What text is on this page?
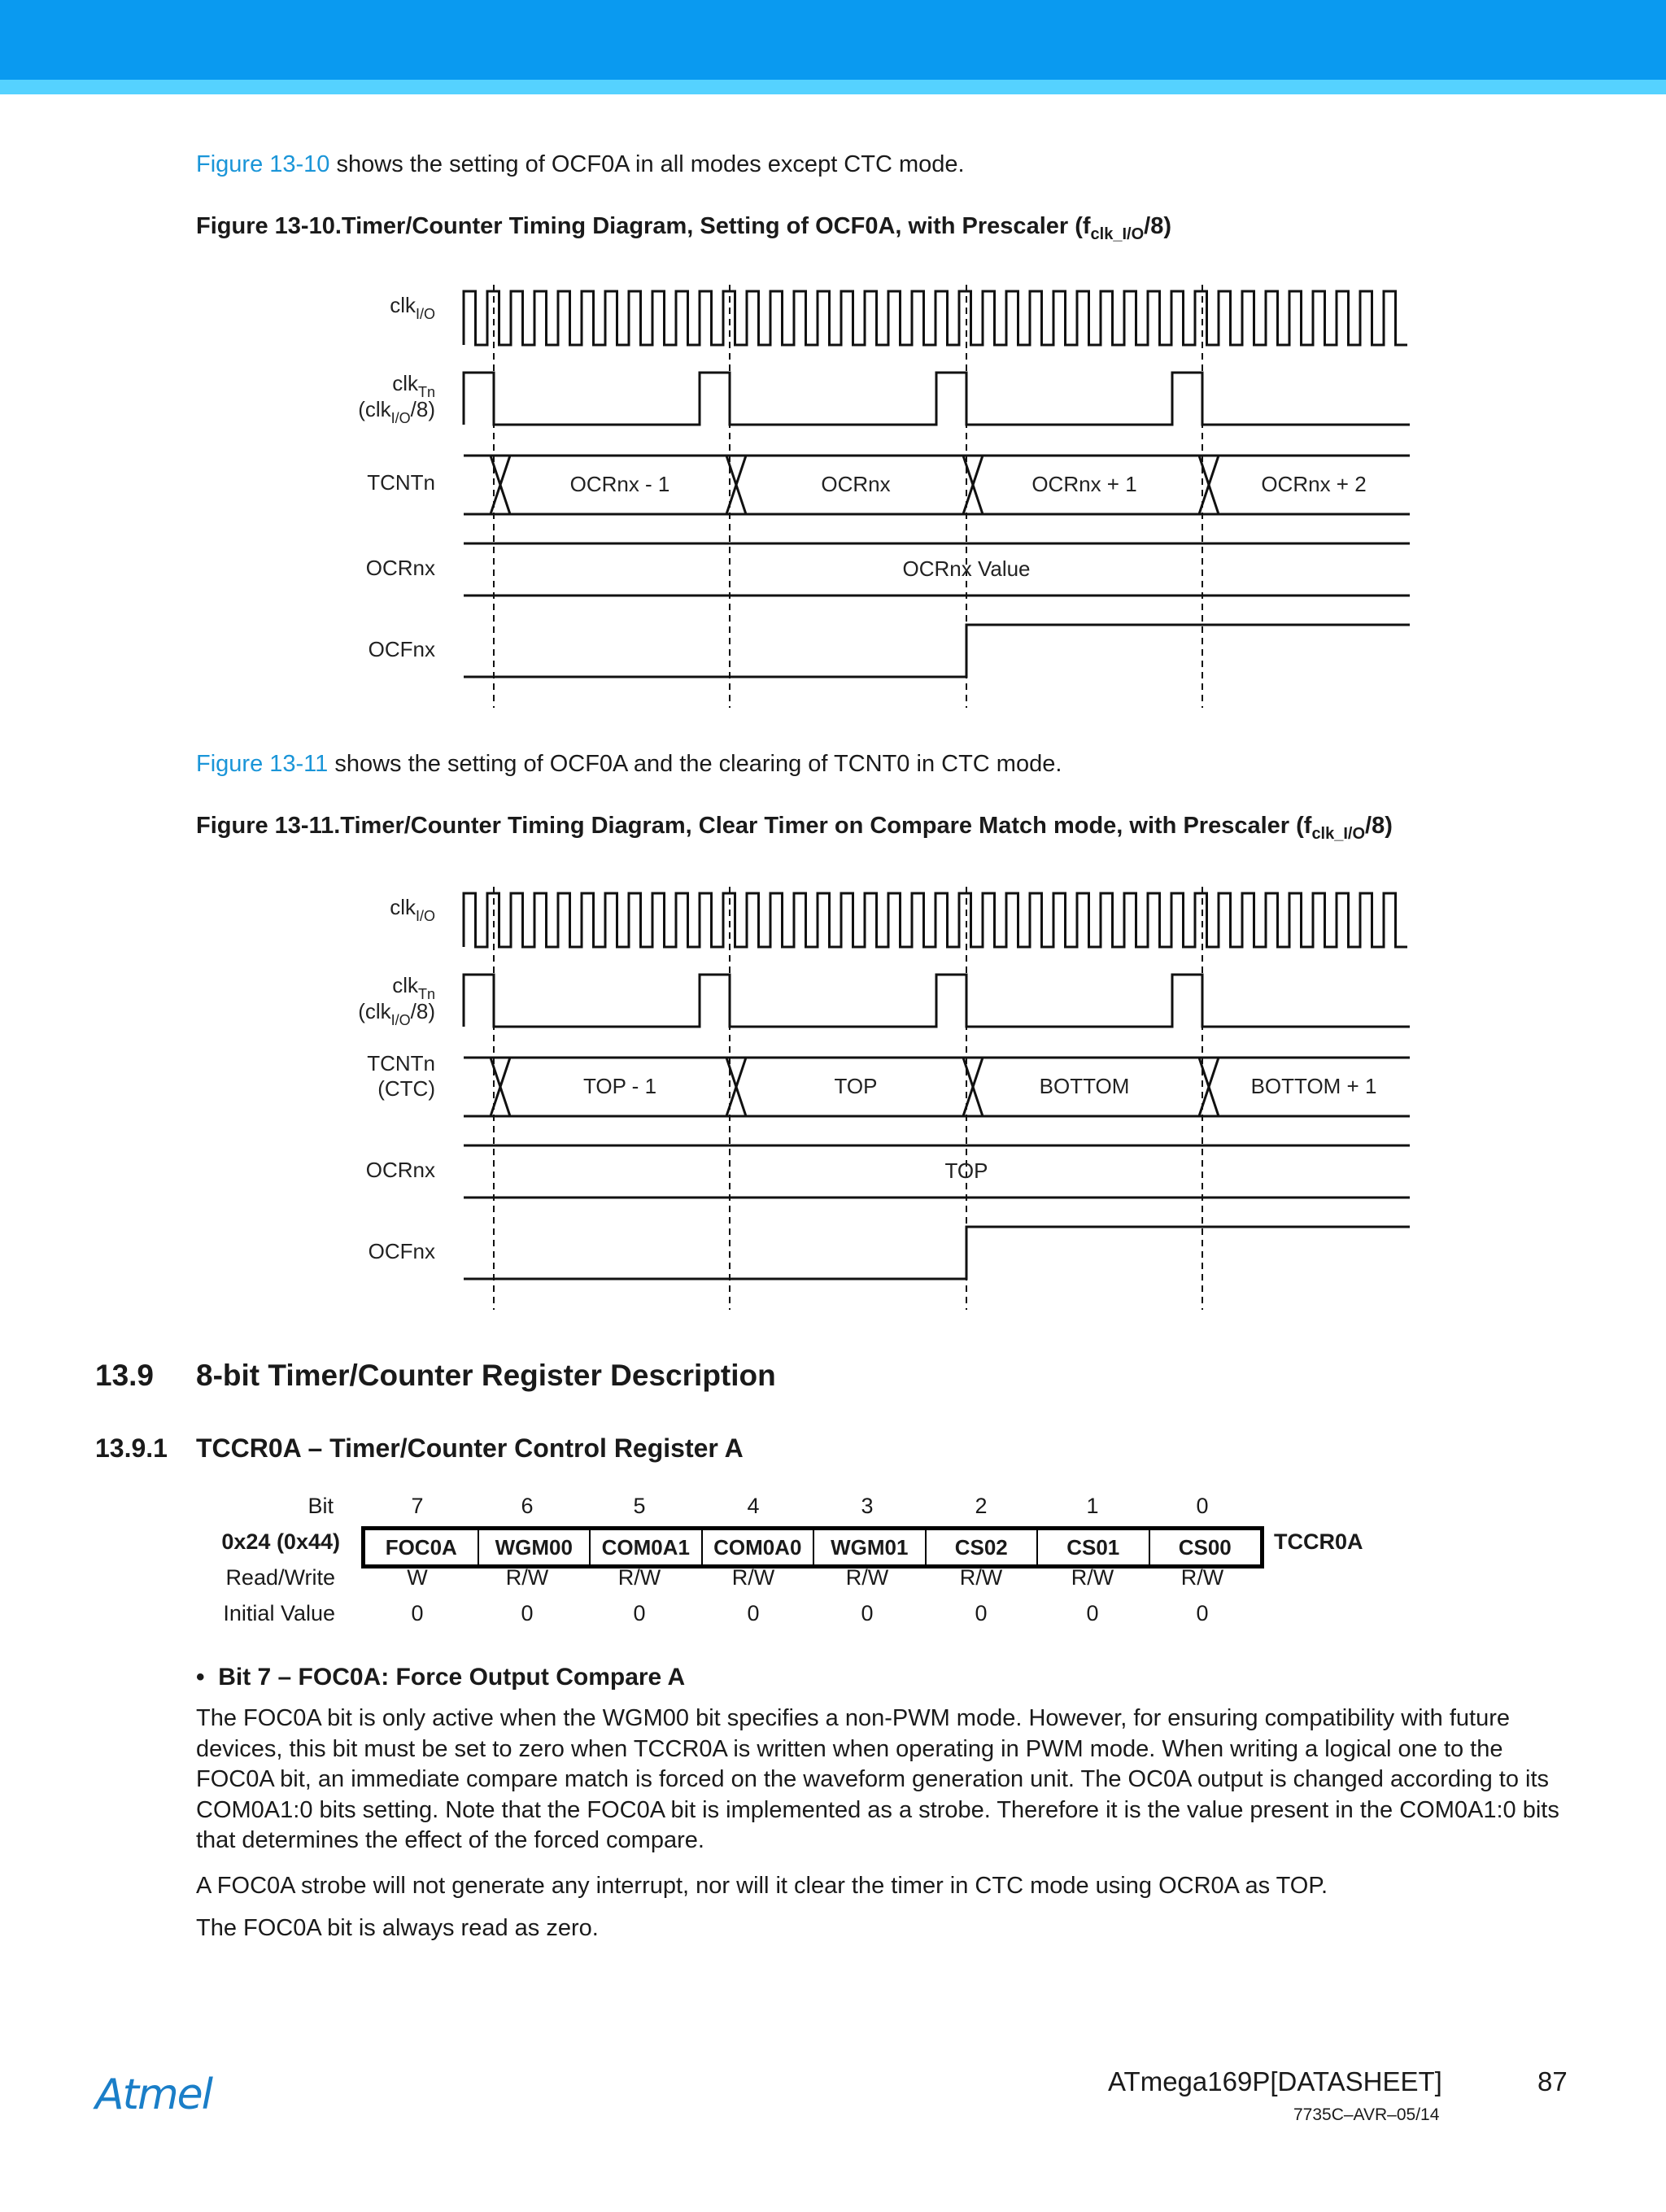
Figure 13-10 shows the setting of OCF0A in all modes except CTC mode.

Figure 13-10.Timer/Counter Timing Diagram, Setting of OCF0A, with Prescaler $(f_{clk\_I/O}/8)$

clk$_{I/O}$
clk$_{Tn}$
(clk$_{I/O}$/8)
TCNTn
OCRnx
OCFnx
OCRnx - 1	OCRnx	OCRnx + 1	OCRnx + 2
OCRnx Value

Figure 13-11 shows the setting of OCF0A and the clearing of TCNT0 in CTC mode.

Figure 13-11.Timer/Counter Timing Diagram, Clear Timer on Compare Match mode, with Prescaler $(f_{clk\_I/O}/8)$

clk$_{I/O}$
clk$_{Tn}$
(clk$_{I/O}$/8)
TCNTn
(CTC)
OCRnx
OCFnx
TOP - 1	TOP	BOTTOM	BOTTOM + 1
TOP
13.9 8-bit Timer/Counter Register Description
13.9.1 TCCR0A – Timer/Counter Control Register A
Bit	7	6	5	4	3	2	1	0
0x24 (0x44)	FOC0A	WGM00	COM0A1	COM0A0	WGM01	CS02	CS01	CS00	TCCR0A
Read/Write	W	R/W	R/W	R/W	R/W	R/W	R/W	R/W
Initial Value	0	0	0	0	0	0	0	0
• Bit 7 – FOC0A: Force Output Compare A

The FOC0A bit is only active when the WGM00 bit specifies a non-PWM mode. However, for ensuring compatibility with future devices, this bit must be set to zero when TCCR0A is written when operating in PWM mode. When writing a logical one to the FOC0A bit, an immediate compare match is forced on the waveform generation unit. The OC0A output is changed according to its COM0A1:0 bits setting. Note that the FOC0A bit is implemented as a strobe. Therefore it is the value present in the COM0A1:0 bits that determines the effect of the forced compare.

A FOC0A strobe will not generate any interrupt, nor will it clear the timer in CTC mode using OCR0A as TOP.

The FOC0A bit is always read as zero.

Atmel	ATmega169P[DATASHEET]	87
7735C–AVR–05/14
